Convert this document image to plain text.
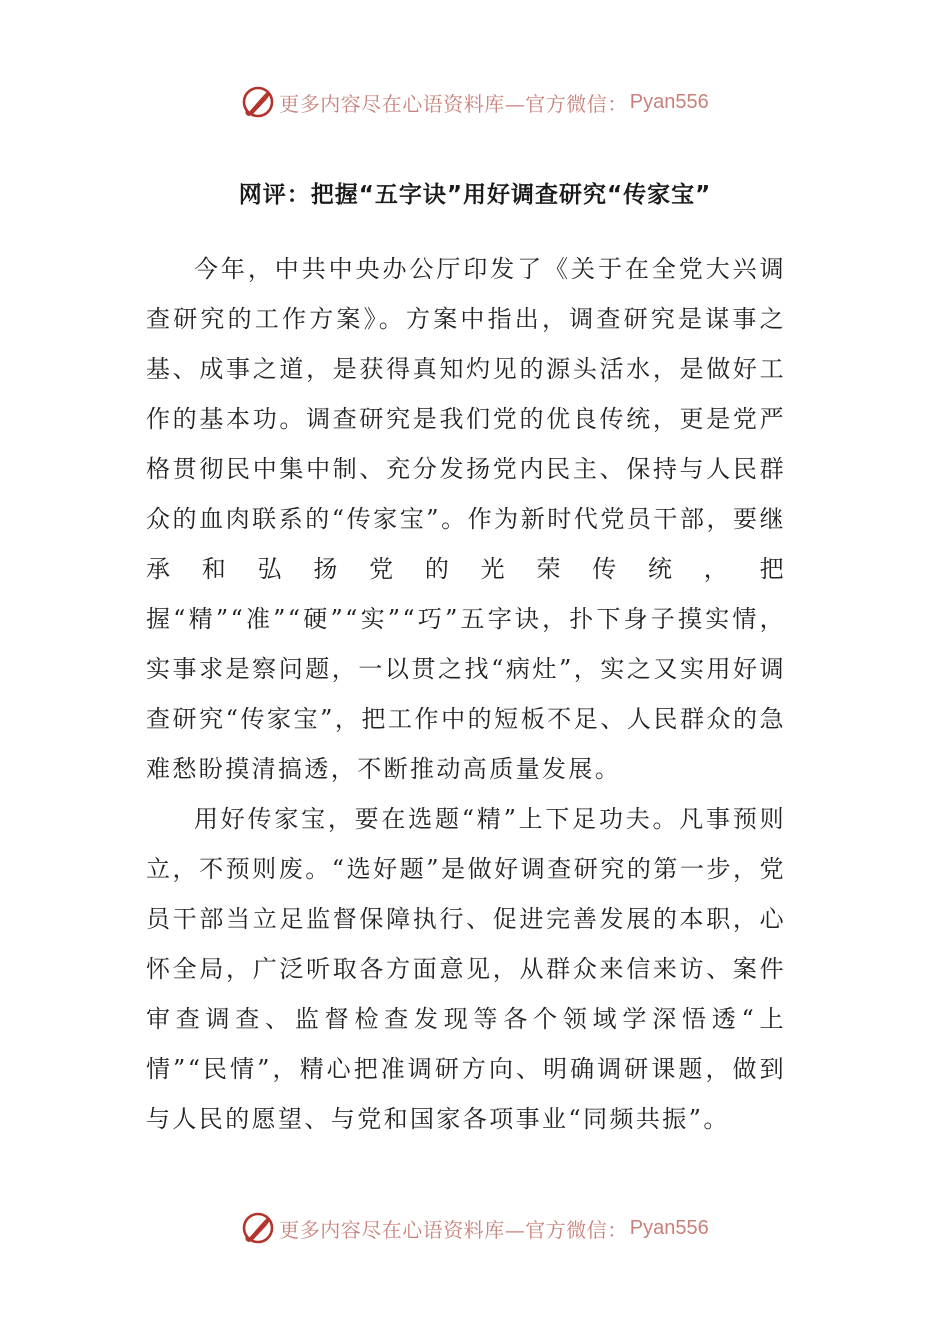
更多内容尽在心语资料库—官方微信： Pyan556
网评：把握“五字诀”用好调查研究“传家宝”

今年，中共中央办公厅印发了《关于在全党大兴调查研究的工作方案》。方案中指出，调查研究是谋事之基、成事之道，是获得真知灼见的源头活水，是做好工作的基本功。调查研究是我们党的优良传统，更是党严格贯彻民中集中制、充分发扬党内民主、保持与人民群众的血肉联系的“传家宝”。作为新时代党员干部，要继承和弘扬党的光荣传统，把握“精”“准”“硬”“实”“巧”五字诀，扑下身子摸实情，实事求是察问题，一以贯之找“病灶”，实之又实用好调查研究“传家宝”，把工作中的短板不足、人民群众的急难愁盼摸清搞透，不断推动高质量发展。

用好传家宝，要在选题“精”上下足功夫。凡事预则立，不预则废。“选好题”是做好调查研究的第一步，党员干部当立足监督保障执行、促进完善发展的本职，心怀全局，广泛听取各方面意见，从群众来信来访、案件审查调查、监督检查发现等各个领域学深悟透“上情”“民情”，精心把准调研方向、明确调研课题，做到与人民的愿望、与党和国家各项事业“同频共振”。

更多内容尽在心语资料库—官方微信： Pyan556
